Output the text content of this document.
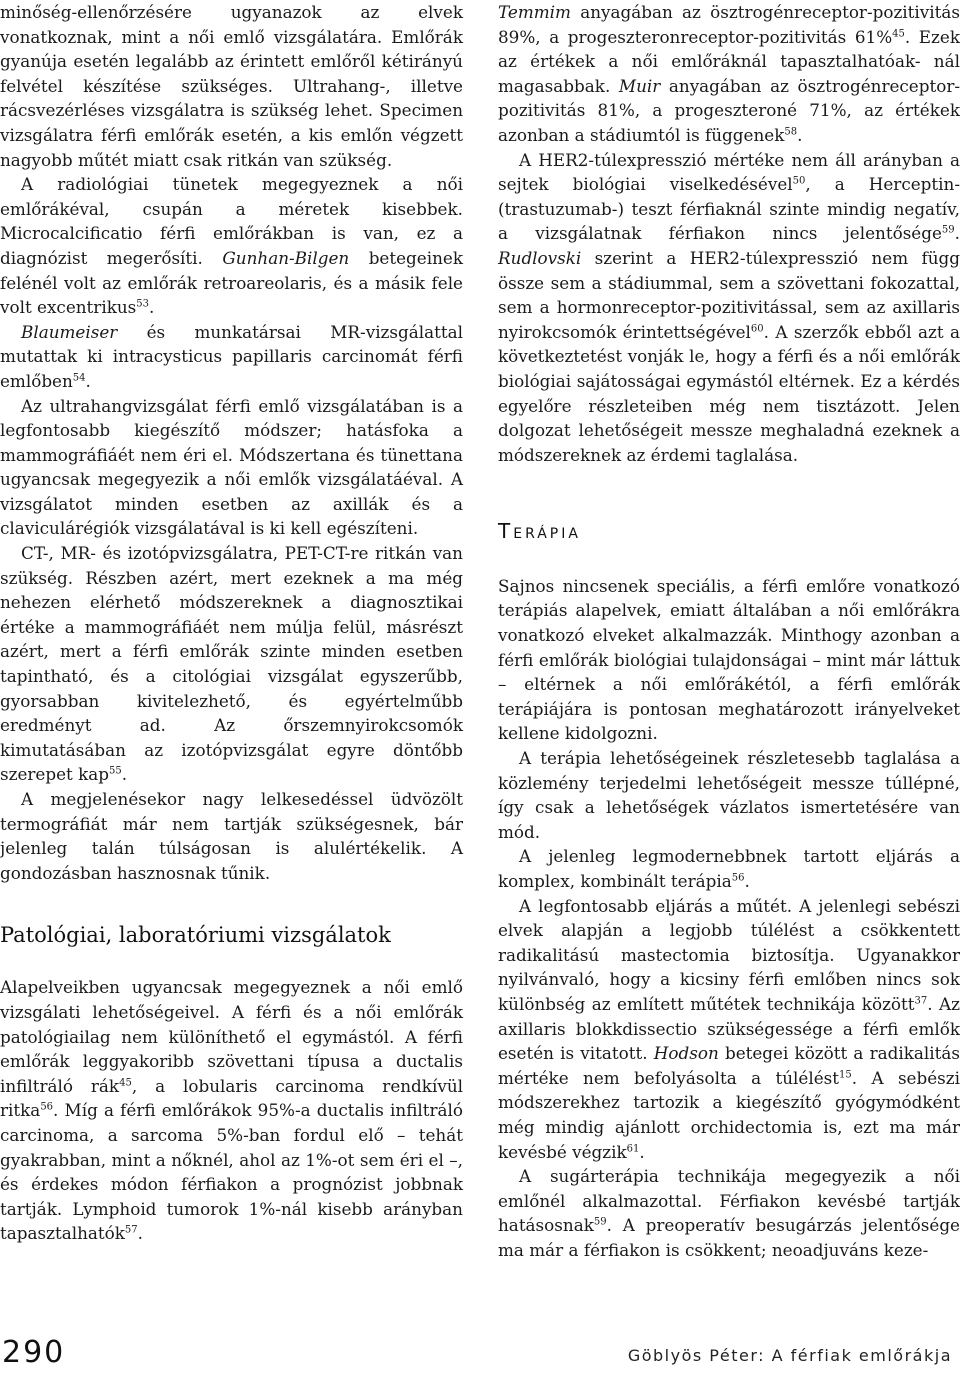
minőség-ellenőrzésére ugyanazok az elvek vonatkoznak, mint a női emlő vizsgálatára. Emlőrák gyanúja esetén legalább az érintett emlőről kétirányú felvétel készítése szükséges. Ultrahang-, illetve rácsvezérléses vizsgálatra is szükség lehet. Specimen vizsgálatra férfi emlőrák esetén, a kis emlőn végzett nagyobb műtét miatt csak ritkán van szükség.

A radiológiai tünetek megegyeznek a női emlőrákéval, csupán a méretek kisebbek. Microcalcificatio férfi emlőrákban is van, ez a diagnózist megerősíti. Gunhan-Bilgen betegeinek felénél volt az emlőrák retroareolaris, és a másik fele volt excentrikus$^{53}$.

Blaumeiser és munkatársai MR-vizsgálattal mutattak ki intracysticus papillaris carcinomát férfi emlőben$^{54}$.

Az ultrahangvizsgálat férfi emlő vizsgálatában is a legfontosabb kiegészítő módszer; hatásfoka a mammográfiáét nem éri el. Módszertana és tünettana ugyancsak megegyezik a női emlők vizsgálatáéval. A vizsgálatot minden esetben az axillák és a claviculárégiók vizsgálatával is ki kell egészíteni.

CT-, MR- és izotópvizsgálatra, PET-CT-re ritkán van szükség. Részben azért, mert ezeknek a ma még nehezen elérhető módszereknek a diagnosztikai értéke a mammográfiáét nem múlja felül, másrészt azért, mert a férfi emlőrák szinte minden esetben tapintható, és a citológiai vizsgálat egyszerűbb, gyorsabban kivitelezhető, és egyértelműbb eredményt ad. Az őrszemnyirokcsomók kimutatásában az izotópvizsgálat egyre döntőbb szerepet kap$^{55}$.

A megjelenésekor nagy lelkesedéssel üdvözölt termográfiát már nem tartják szükségesnek, bár jelenleg talán túlságosan is alulértékelik. A gondozásban hasznosnak tűnik.

Patológiai, laboratóriumi vizsgálatok

Alapelveikben ugyancsak megegyeznek a női emlő vizsgálati lehetőségeivel. A férfi és a női emlőrák patológiailag nem különíthető el egymástól. A férfi emlőrák leggyakoribb szövettani típusa a ductalis infiltráló rák$^{45}$, a lobularis carcinoma rendkívül ritka$^{56}$. Míg a férfi emlőrákok 95%-a ductalis infiltráló carcinoma, a sarcoma 5%-ban fordul elő – tehát gyakrabban, mint a nőknél, ahol az 1%-ot sem éri el –, és érdekes módon férfiakon a prognózist jobbnak tartják. Lymphoid tumorok 1%-nál kisebb arányban tapasztalhatók$^{57}$.

Temmim anyagában az ösztrogénreceptor-pozitivitás 89%, a progeszteronreceptor-pozitivitás 61%$^{45}$. Ezek az értékek a női emlőráknál tapasztalhatóak- nál magasabbak. Muir anyagában az ösztrogénreceptor-pozitivitás 81%, a progeszteroné 71%, az értékek azonban a stádiumtól is függenek$^{58}$.

A HER2-túlexpresszió mértéke nem áll arányban a sejtek biológiai viselkedésével$^{50}$, a Herceptin- (trastuzumab-) teszt férfiaknál szinte mindig negatív, a vizsgálatnak férfiakon nincs jelentősége$^{59}$. Rudlovski szerint a HER2-túlexpresszió nem függ össze sem a stádiummal, sem a szövettani fokozattal, sem a hormonreceptor-pozitivitással, sem az axillaris nyirokcsomók érintettségével$^{60}$. A szerzők ebből azt a következtetést vonják le, hogy a férfi és a női emlőrák biológiai sajátosságai egymástól eltérnek. Ez a kérdés egyelőre részleteiben még nem tisztázott. Jelen dolgozat lehetőségeit messze meghaladná ezeknek a módszereknek az érdemi taglalása.

Terápia

Sajnos nincsenek speciális, a férfi emlőre vonatkozó terápiás alapelvek, emiatt általában a női emlőrákra vonatkozó elveket alkalmazzák. Minthogy azonban a férfi emlőrák biológiai tulajdonságai – mint már láttuk – eltérnek a női emlőrákétól, a férfi emlőrák terápiájára is pontosan meghatározott irányelveket kellene kidolgozni.

A terápia lehetőségeinek részletesebb taglalása a közlemény terjedelmi lehetőségeit messze túllépné, így csak a lehetőségek vázlatos ismertetésére van mód.

A jelenleg legmodernebbnek tartott eljárás a komplex, kombinált terápia$^{56}$.

A legfontosabb eljárás a műtét. A jelenlegi sebészi elvek alapján a legjobb túlélést a csökkentett radikalitású mastectomia biztosítja. Ugyanakkor nyilvánvaló, hogy a kicsiny férfi emlőben nincs sok különbség az említett műtétek technikája között$^{37}$. Az axillaris blokkdissectio szükségessége a férfi emlők esetén is vitatott. Hodson betegei között a radikalitás mértéke nem befolyásolta a túlélést$^{15}$. A sebészi módszerekhez tartozik a kiegészítő gyógymódként még mindig ajánlott orchidectomia is, ezt ma már kevésbé végzik$^{61}$.

A sugárterápia technikája megegyezik a női emlőnél alkalmazottal. Férfiakon kevésbé tartják hatásosnak$^{59}$. A preoperatív besugárzás jelentősége ma már a férfiakon is csökkent; neoadjuváns keze-

290	Göblyös Péter: A férfiak emlőrákja
